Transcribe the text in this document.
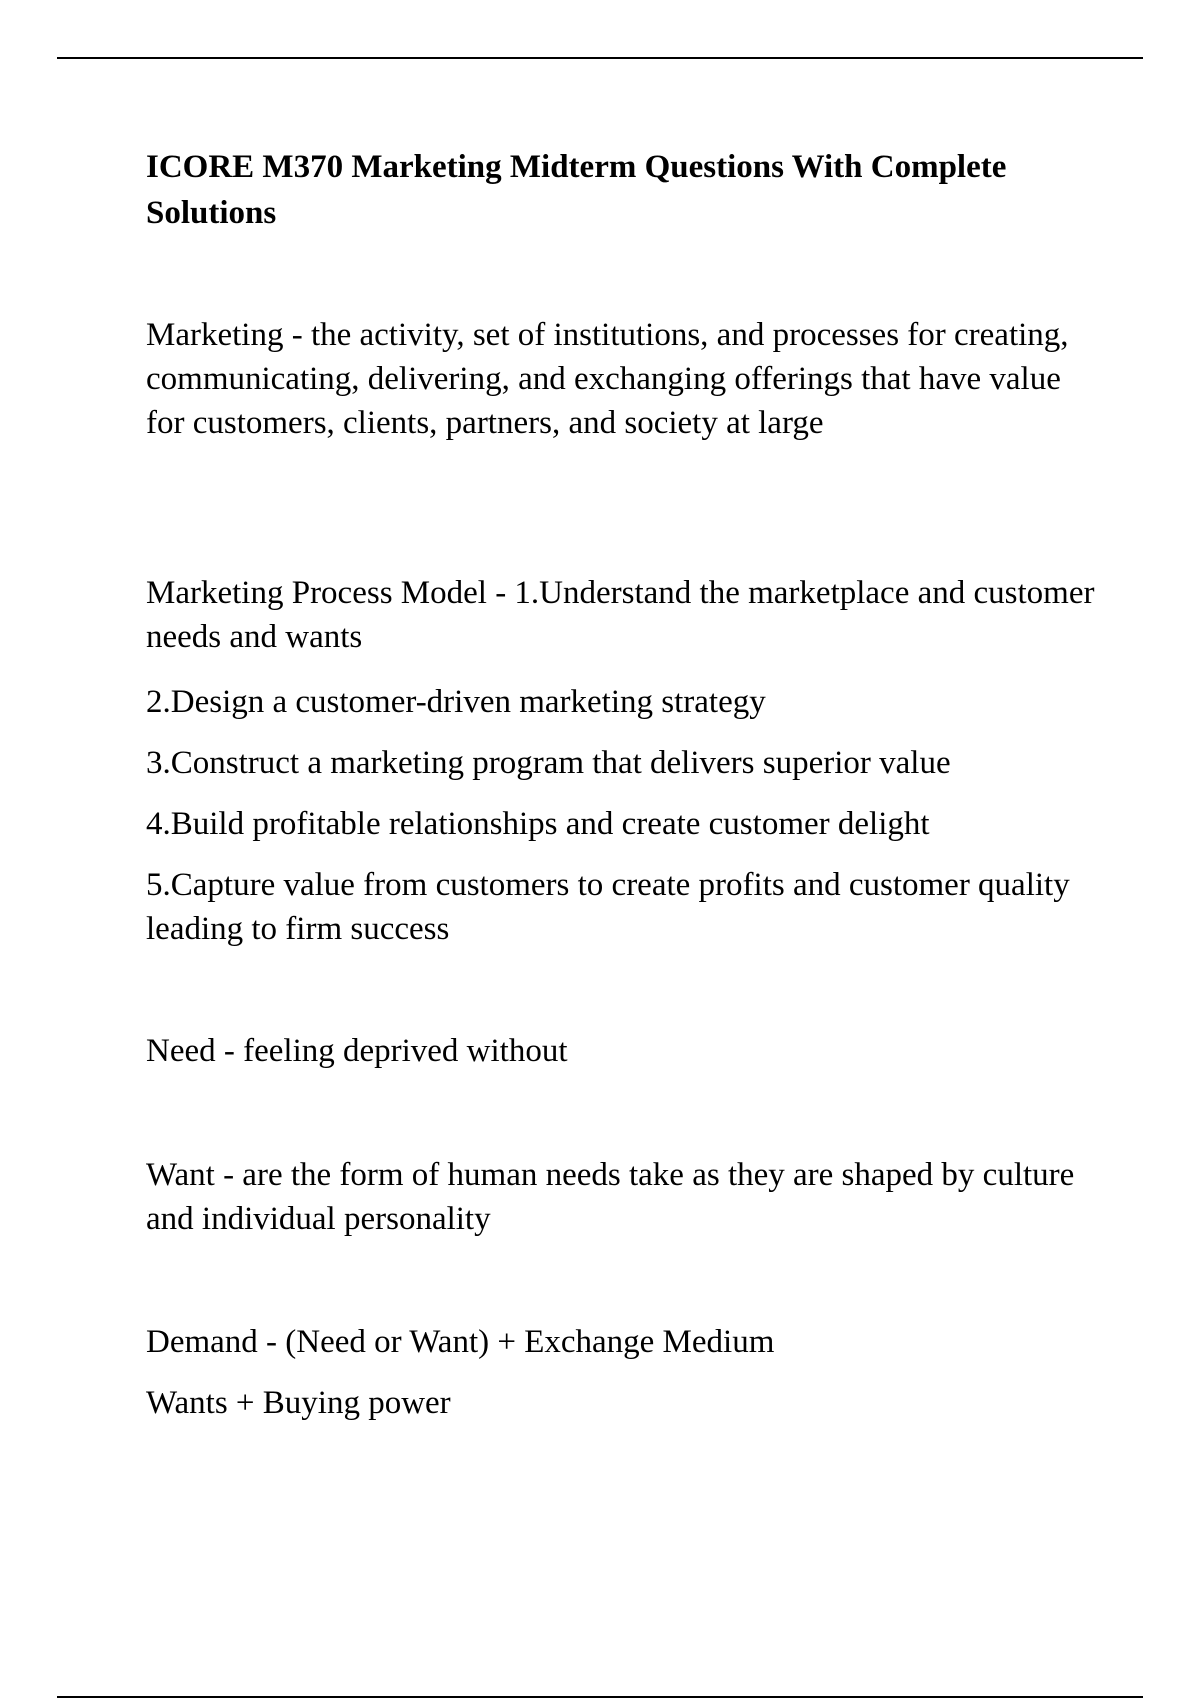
ICORE M370 Marketing Midterm Questions With Complete Solutions

Marketing - the activity, set of institutions, and processes for creating, communicating, delivering, and exchanging offerings that have value for customers, clients, partners, and society at large

Marketing Process Model - 1.Understand the marketplace and customer needs and wants

2.Design a customer-driven marketing strategy

3.Construct a marketing program that delivers superior value

4.Build profitable relationships and create customer delight

5.Capture value from customers to create profits and customer quality leading to firm success

Need - feeling deprived without

Want - are the form of human needs take as they are shaped by culture and individual personality

Demand - (Need or Want) + Exchange Medium

Wants + Buying power
